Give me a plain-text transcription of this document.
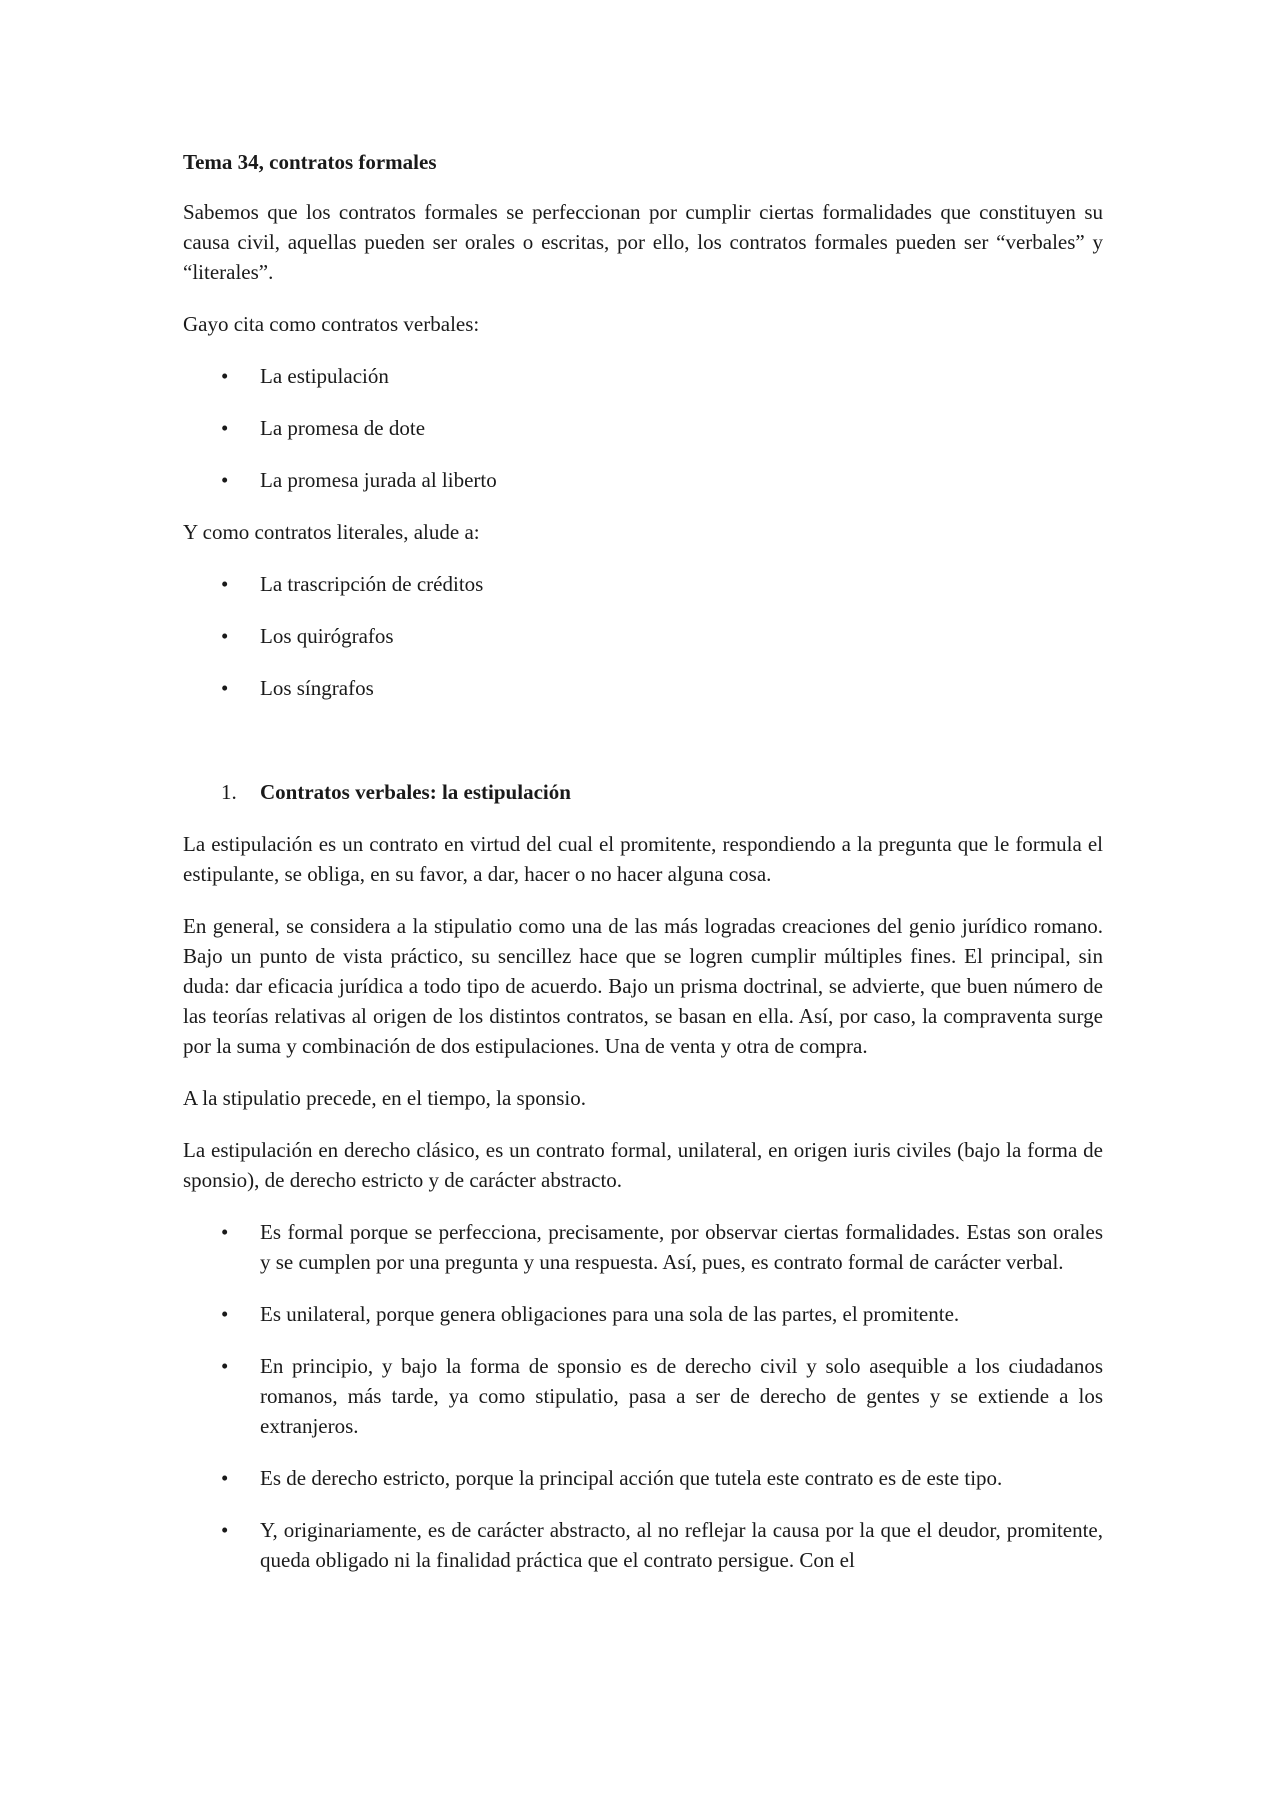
Tema 34, contratos formales

Sabemos que los contratos formales se perfeccionan por cumplir ciertas formalidades que constituyen su causa civil, aquellas pueden ser orales o escritas, por ello, los contratos formales pueden ser “verbales” y “literales”.

Gayo cita como contratos verbales:

• La estipulación
• La promesa de dote
• La promesa jurada al liberto

Y como contratos literales, alude a:

• La trascripción de créditos
• Los quirógrafos
• Los síngrafos
1. Contratos verbales: la estipulación

La estipulación es un contrato en virtud del cual el promitente, respondiendo a la pregunta que le formula el estipulante, se obliga, en su favor, a dar, hacer o no hacer alguna cosa.

En general, se considera a la stipulatio como una de las más logradas creaciones del genio jurídico romano. Bajo un punto de vista práctico, su sencillez hace que se logren cumplir múltiples fines. El principal, sin duda: dar eficacia jurídica a todo tipo de acuerdo. Bajo un prisma doctrinal, se advierte, que buen número de las teorías relativas al origen de los distintos contratos, se basan en ella. Así, por caso, la compraventa surge por la suma y combinación de dos estipulaciones. Una de venta y otra de compra.

A la stipulatio precede, en el tiempo, la sponsio.

La estipulación en derecho clásico, es un contrato formal, unilateral, en origen iuris civiles (bajo la forma de sponsio), de derecho estricto y de carácter abstracto.

• Es formal porque se perfecciona, precisamente, por observar ciertas formalidades. Estas son orales y se cumplen por una pregunta y una respuesta. Así, pues, es contrato formal de carácter verbal.
• Es unilateral, porque genera obligaciones para una sola de las partes, el promitente.
• En principio, y bajo la forma de sponsio es de derecho civil y solo asequible a los ciudadanos romanos, más tarde, ya como stipulatio, pasa a ser de derecho de gentes y se extiende a los extranjeros.
• Es de derecho estricto, porque la principal acción que tutela este contrato es de este tipo.
• Y, originariamente, es de carácter abstracto, al no reflejar la causa por la que el deudor, promitente, queda obligado ni la finalidad práctica que el contrato persigue. Con el
